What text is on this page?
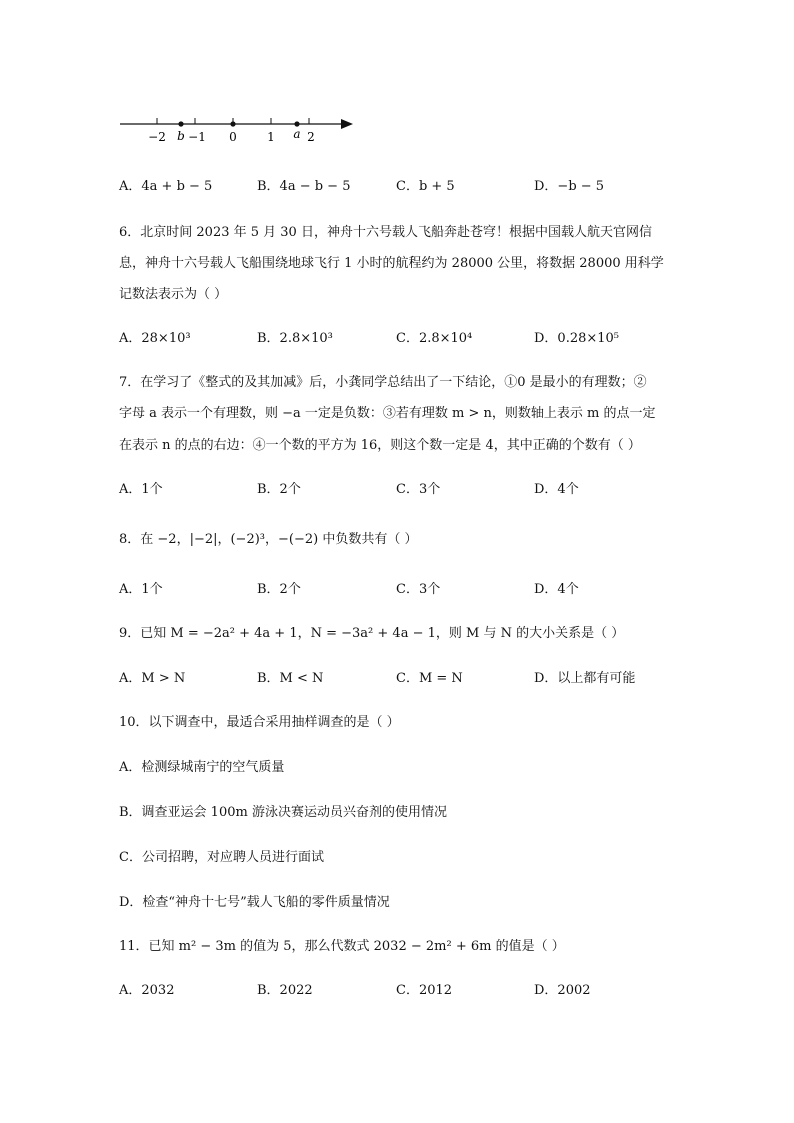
−2 b −1 0	1 a 2
A．4a + b − 5	B．4a − b − 5	C．b + 5	D．−b − 5
6．北京时间 2023 年 5 月 30 日，神舟十六号载人飞船奔赴苍穹！根据中国载人航天官网信
息，神舟十六号载人飞船围绕地球飞行 1 小时的航程约为 28000 公里，将数据 28000 用科学
记数法表示为（ ）
A．28×10³	B．2.8×10³	C．2.8×10⁴	D．0.28×10⁵
7．在学习了《整式的及其加减》后，小龚同学总结出了一下结论，①0 是最小的有理数；②
字母 a 表示一个有理数，则 −a 一定是负数：③若有理数 m > n，则数轴上表示 m 的点一定
在表示 n 的点的右边：④一个数的平方为 16，则这个数一定是 4，其中正确的个数有（ ）
A．1个	B．2个	C．3个	D．4个
8．在 −2，|−2|，(−2)³，−(−2) 中负数共有（ ）
A．1个	B．2个	C．3个	D．4个
9．已知 M = −2a² + 4a + 1，N = −3a² + 4a − 1，则 M 与 N 的大小关系是（ ）
A．M > N	B．M < N	C．M = N	D．以上都有可能
10．以下调查中，最适合采用抽样调查的是（ ）
A．检测绿城南宁的空气质量
B．调查亚运会 100m 游泳决赛运动员兴奋剂的使用情况
C．公司招聘，对应聘人员进行面试
D．检查“神舟十七号”载人飞船的零件质量情况
11．已知 m² − 3m 的值为 5，那么代数式 2032 − 2m² + 6m 的值是（ ）
A．2032	B．2022	C．2012	D．2002
